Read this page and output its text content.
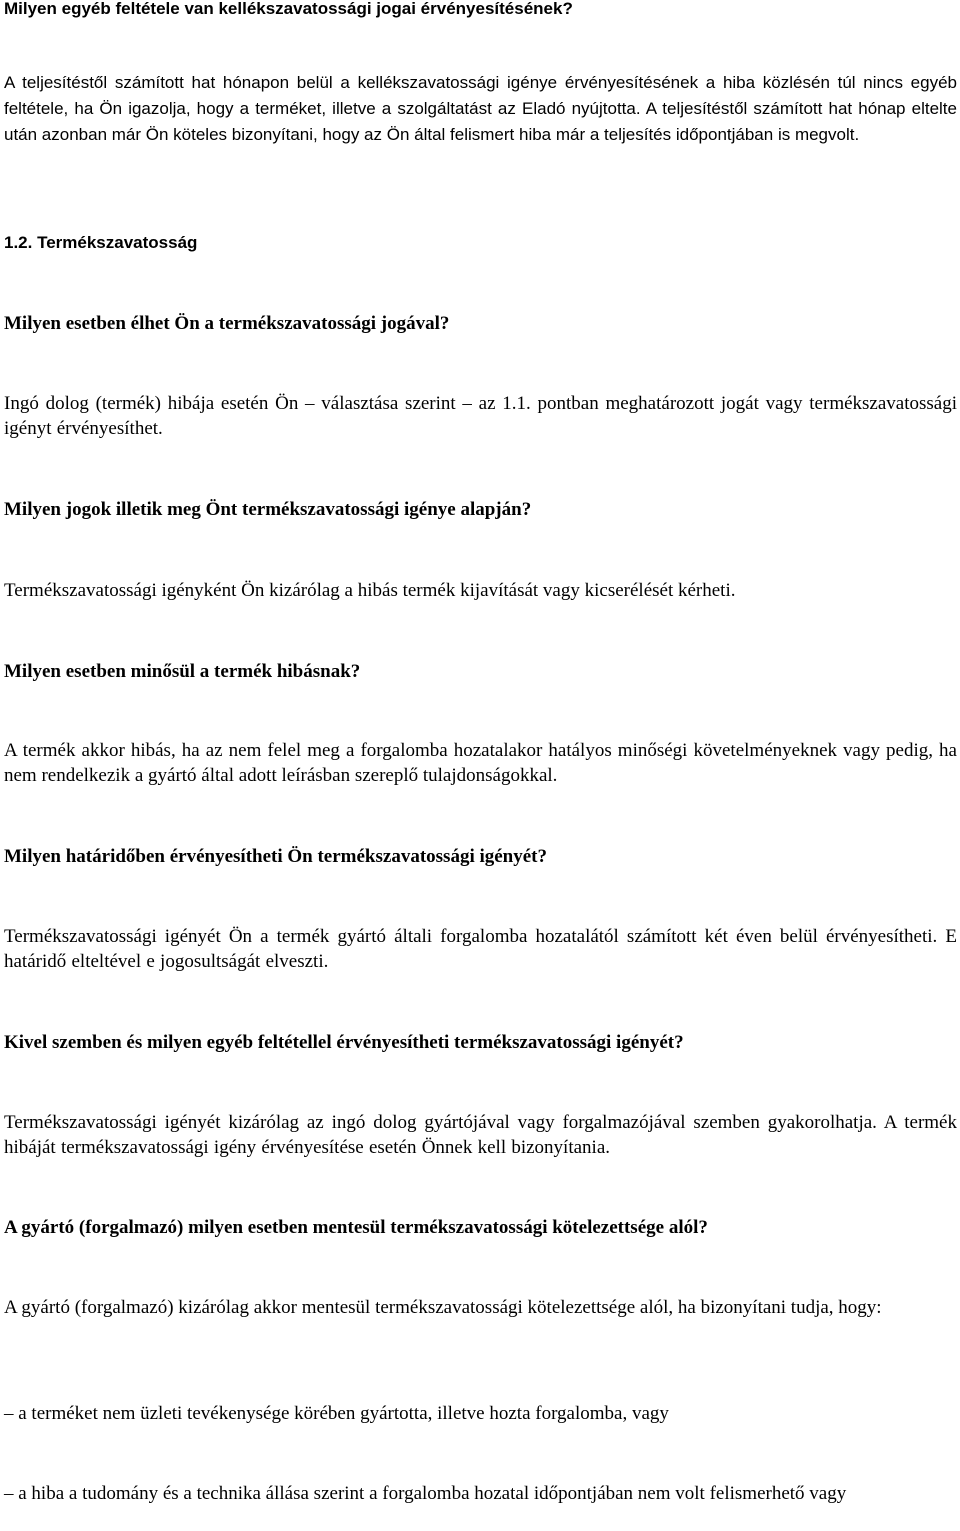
Milyen egyéb feltétele van kellékszavatossági jogai érvényesítésének?

A teljesítéstől számított hat hónapon belül a kellékszavatossági igénye érvényesítésének a hiba közlésén túl nincs egyéb feltétele, ha Ön igazolja, hogy a terméket, illetve a szolgáltatást az Eladó nyújtotta. A teljesítéstől számított hat hónap eltelte után azonban már Ön köteles bizonyítani, hogy az Ön által felismert hiba már a teljesítés időpontjában is megvolt.

1.2. Termékszavatosság

Milyen esetben élhet Ön a termékszavatossági jogával?

Ingó dolog (termék) hibája esetén Ön – választása szerint – az 1.1. pontban meghatározott jogát vagy termékszavatossági igényt érvényesíthet.

Milyen jogok illetik meg Önt termékszavatossági igénye alapján?

Termékszavatossági igényként Ön kizárólag a hibás termék kijavítását vagy kicserélését kérheti.

Milyen esetben minősül a termék hibásnak?

A termék akkor hibás, ha az nem felel meg a forgalomba hozatalakor hatályos minőségi követelményeknek vagy pedig, ha nem rendelkezik a gyártó által adott leírásban szereplő tulajdonságokkal.

Milyen határidőben érvényesítheti Ön termékszavatossági igényét?

Termékszavatossági igényét Ön a termék gyártó általi forgalomba hozatalától számított két éven belül érvényesítheti. E határidő elteltével e jogosultságát elveszti.

Kivel szemben és milyen egyéb feltétellel érvényesítheti termékszavatossági igényét?

Termékszavatossági igényét kizárólag az ingó dolog gyártójával vagy forgalmazójával szemben gyakorolhatja. A termék hibáját termékszavatossági igény érvényesítése esetén Önnek kell bizonyítania.

A gyártó (forgalmazó) milyen esetben mentesül termékszavatossági kötelezettsége alól?

A gyártó (forgalmazó) kizárólag akkor mentesül termékszavatossági kötelezettsége alól, ha bizonyítani tudja, hogy:

– a terméket nem üzleti tevékenysége körében gyártotta, illetve hozta forgalomba, vagy

– a hiba a tudomány és a technika állása szerint a forgalomba hozatal időpontjában nem volt felismerhető vagy
